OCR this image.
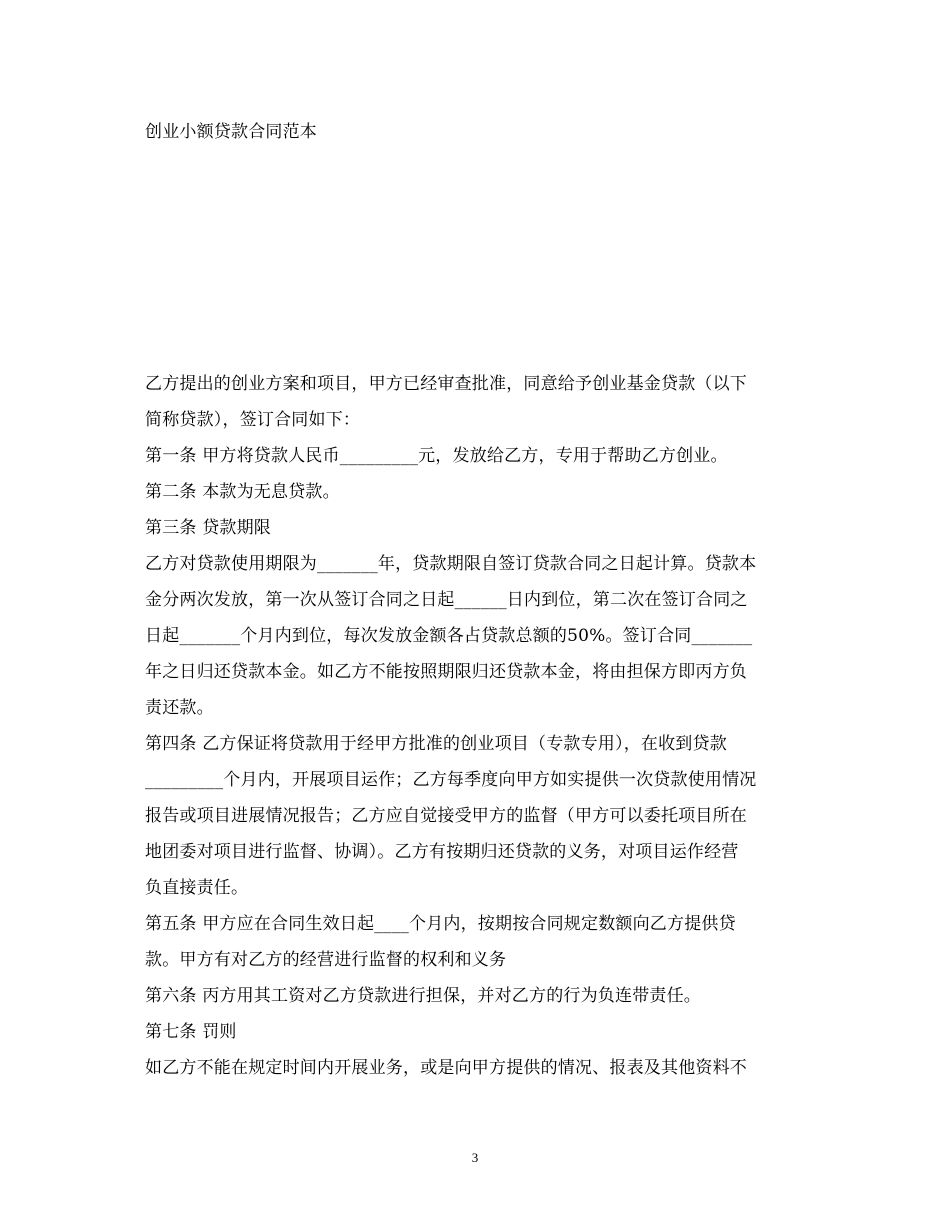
创业小额贷款合同范本

乙方提出的创业方案和项目，甲方已经审查批准，同意给予创业基金贷款（以下
简称贷款），签订合同如下：
第一条 甲方将贷款人民币_________元，发放给乙方，专用于帮助乙方创业。
第二条 本款为无息贷款。
第三条 贷款期限
乙方对贷款使用期限为_______年，贷款期限自签订贷款合同之日起计算。贷款本
金分两次发放，第一次从签订合同之日起______日内到位，第二次在签订合同之
日起_______个月内到位，每次发放金额各占贷款总额的50%。签订合同_______
年之日归还贷款本金。如乙方不能按照期限归还贷款本金，将由担保方即丙方负
责还款。
第四条 乙方保证将贷款用于经甲方批准的创业项目（专款专用），在收到贷款
_________个月内，开展项目运作；乙方每季度向甲方如实提供一次贷款使用情况
报告或项目进展情况报告；乙方应自觉接受甲方的监督（甲方可以委托项目所在
地团委对项目进行监督、协调）。乙方有按期归还贷款的义务，对项目运作经营
负直接责任。
第五条 甲方应在合同生效日起____个月内，按期按合同规定数额向乙方提供贷
款。甲方有对乙方的经营进行监督的权利和义务
第六条 丙方用其工资对乙方贷款进行担保，并对乙方的行为负连带责任。
第七条 罚则
如乙方不能在规定时间内开展业务，或是向甲方提供的情况、报表及其他资料不
3
